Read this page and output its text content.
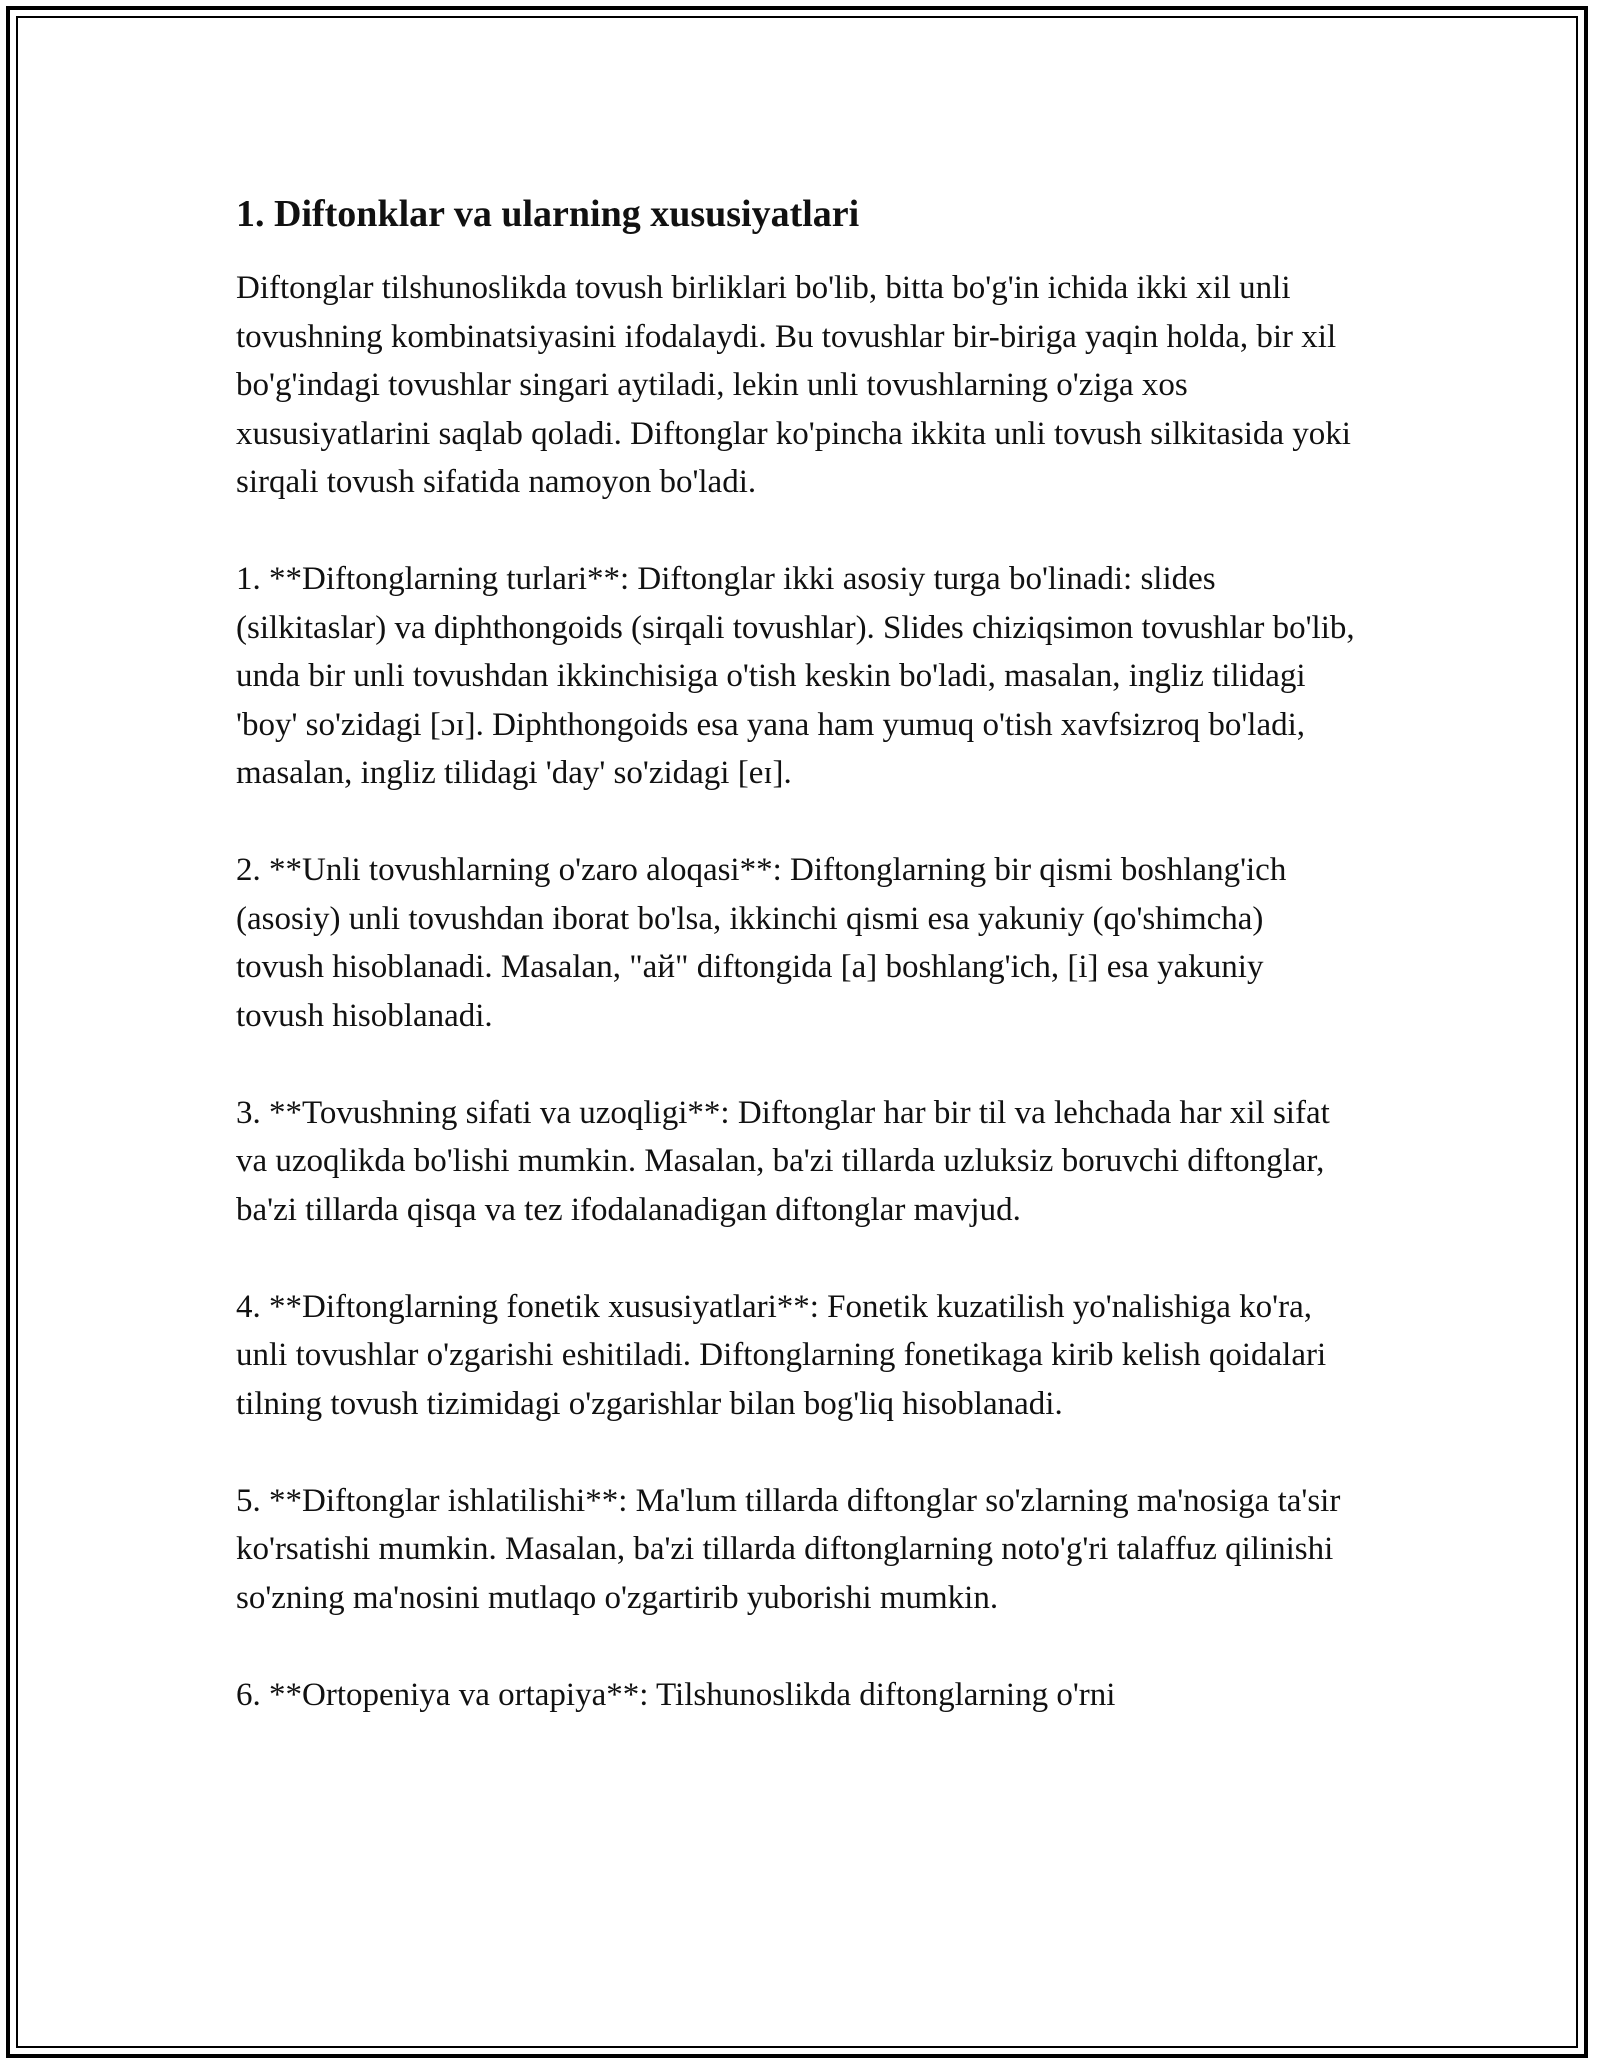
1. Diftonklar va ularning xususiyatlari

Diftonglar tilshunoslikda tovush birliklari bo'lib, bitta bo'g'in ichida ikki xil unli tovushning kombinatsiyasini ifodalaydi. Bu tovushlar bir-biriga yaqin holda, bir xil bo'g'indagi tovushlar singari aytiladi, lekin unli tovushlarning o'ziga xos xususiyatlarini saqlab qoladi. Diftonglar ko'pincha ikkita unli tovush silkitasida yoki sirqali tovush sifatida namoyon bo'ladi.

1. **Diftonglarning turlari**: Diftonglar ikki asosiy turga bo'linadi: slides (silkitaslar) va diphthongoids (sirqali tovushlar). Slides chiziqsimon tovushlar bo'lib, unda bir unli tovushdan ikkinchisiga o'tish keskin bo'ladi, masalan, ingliz tilidagi 'boy' so'zidagi [ɔɪ]. Diphthongoids esa yana ham yumuq o'tish xavfsizroq bo'ladi, masalan, ingliz tilidagi 'day' so'zidagi [eɪ].

2. **Unli tovushlarning o'zaro aloqasi**: Diftonglarning bir qismi boshlang'ich (asosiy) unli tovushdan iborat bo'lsa, ikkinchi qismi esa yakuniy (qo'shimcha) tovush hisoblanadi. Masalan, "ай" diftongida [a] boshlang'ich, [i] esa yakuniy tovush hisoblanadi.

3. **Tovushning sifati va uzoqligi**: Diftonglar har bir til va lehchada har xil sifat va uzoqlikda bo'lishi mumkin. Masalan, ba'zi tillarda uzluksiz boruvchi diftonglar, ba'zi tillarda qisqa va tez ifodalanadigan diftonglar mavjud.

4. **Diftonglarning fonetik xususiyatlari**: Fonetik kuzatilish yo'nalishiga ko'ra, unli tovushlar o'zgarishi eshitiladi. Diftonglarning fonetikaga kirib kelish qoidalari tilning tovush tizimidagi o'zgarishlar bilan bog'liq hisoblanadi.

5. **Diftonglar ishlatilishi**: Ma'lum tillarda diftonglar so'zlarning ma'nosiga ta'sir ko'rsatishi mumkin. Masalan, ba'zi tillarda diftonglarning noto'g'ri talaffuz qilinishi so'zning ma'nosini mutlaqo o'zgartirib yuborishi mumkin.

6. **Ortopeniya va ortapiya**: Tilshunoslikda diftonglarning o'rni
